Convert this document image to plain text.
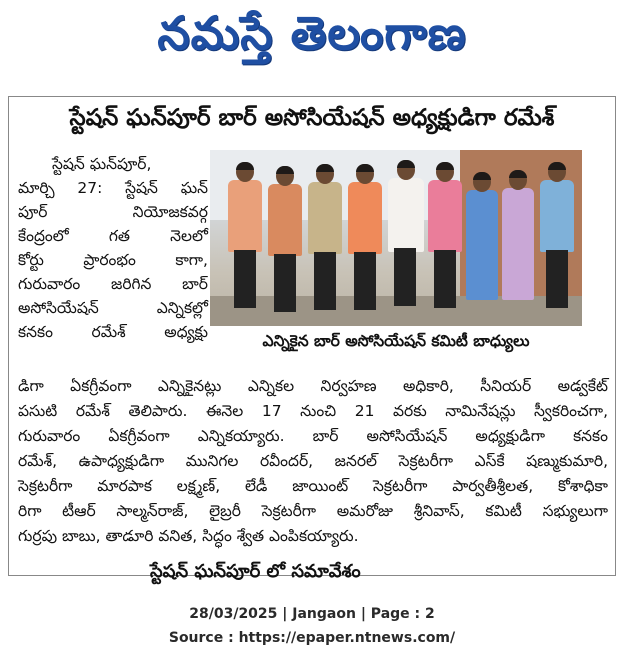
నమస్తే తెలంగాణ
స్టేషన్ ఘన్‌పూర్ బార్ అసోసియేషన్ అధ్యక్షుడిగా రమేశ్
స్టేషన్ ఘన్‌పూర్,
మార్చి 27: స్టేషన్ ఘన్
పూర్ నియోజకవర్గ
కేంద్రంలో గత నెలలో
కోర్టు ప్రారంభం కాగా,
గురువారం జరిగిన బార్
అసోసియేషన్ ఎన్నికల్లో
కనకం రమేశ్ అధ్యక్షు	ఎన్నికైన బార్ అసోసియేషన్ కమిటీ బాధ్యులు
డిగా ఏకగ్రీవంగా ఎన్నికైనట్లు ఎన్నికల నిర్వహణ అధికారి, సీనియర్ అడ్వకేట్
పసుటి రమేశ్ తెలిపారు. ఈనెల 17 నుంచి 21 వరకు నామినేషన్లు స్వీకరించగా,
గురువారం ఏకగ్రీవంగా ఎన్నికయ్యారు. బార్ అసోసియేషన్ అధ్యక్షుడిగా కనకం
రమేశ్, ఉపాధ్యక్షుడిగా మునిగల రవీందర్, జనరల్ సెక్రటరీగా ఎస్‌కే షణ్ముకుమారి,
సెక్రటరీగా మారపాక లక్ష్మణ్, లేడీ జాయింట్ సెక్రటరీగా పార్వతీశ్రీలత, కోశాధికా
రిగా టీఆర్ సాల్మన్‌రాజ్, లైబ్రరీ సెక్రటరీగా అమరోజు శ్రీనివాస్, కమిటీ సభ్యులుగా
గుర్రపు బాబు, తాడూరి వనిత, సిద్ధం శ్వేత ఎంపికయ్యారు.
స్టేషన్ ఘన్‌పూర్ లో సమావేశం
28/03/2025 | Jangaon | Page : 2
Source : https://epaper.ntnews.com/
